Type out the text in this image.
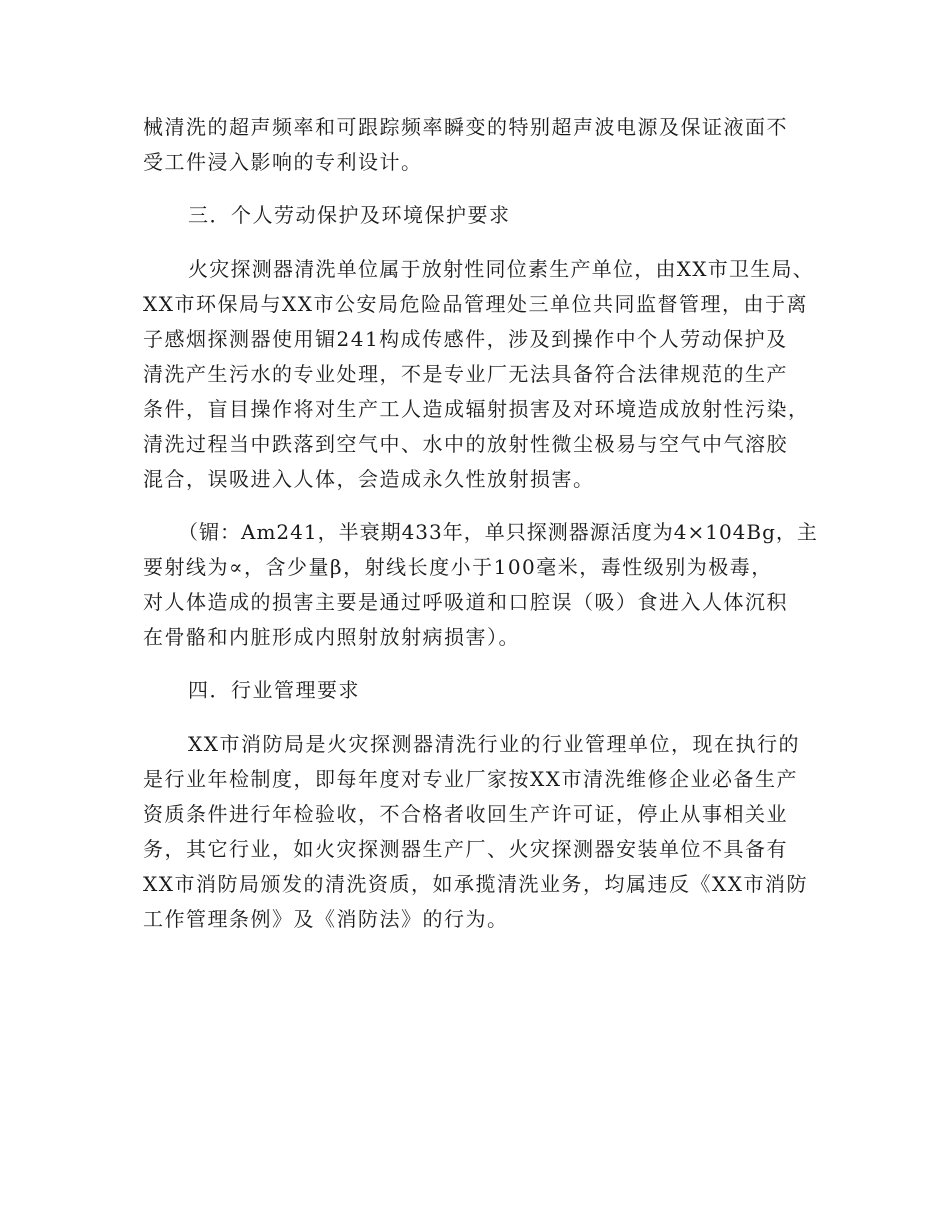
械清洗的超声频率和可跟踪频率瞬变的特别超声波电源及保证液面不
受工件浸入影响的专利设计。
三．个人劳动保护及环境保护要求
火灾探测器清洗单位属于放射性同位素生产单位，由XX市卫生局、
XX市环保局与XX市公安局危险品管理处三单位共同监督管理，由于离
子感烟探测器使用镅241构成传感件，涉及到操作中个人劳动保护及
清洗产生污水的专业处理，不是专业厂无法具备符合法律规范的生产
条件，盲目操作将对生产工人造成辐射损害及对环境造成放射性污染，
清洗过程当中跌落到空气中、水中的放射性微尘极易与空气中气溶胶
混合，误吸进入人体，会造成永久性放射损害。
（镅：Am241，半衰期433年，单只探测器源活度为4×104Bg，主
要射线为∝，含少量β，射线长度小于100毫米，毒性级别为极毒，
对人体造成的损害主要是通过呼吸道和口腔误（吸）食进入人体沉积
在骨骼和内脏形成内照射放射病损害）。
四．行业管理要求
XX市消防局是火灾探测器清洗行业的行业管理单位，现在执行的
是行业年检制度，即每年度对专业厂家按XX市清洗维修企业必备生产
资质条件进行年检验收，不合格者收回生产许可证，停止从事相关业
务，其它行业，如火灾探测器生产厂、火灾探测器安装单位不具备有
XX市消防局颁发的清洗资质，如承揽清洗业务，均属违反《XX市消防
工作管理条例》及《消防法》的行为。
